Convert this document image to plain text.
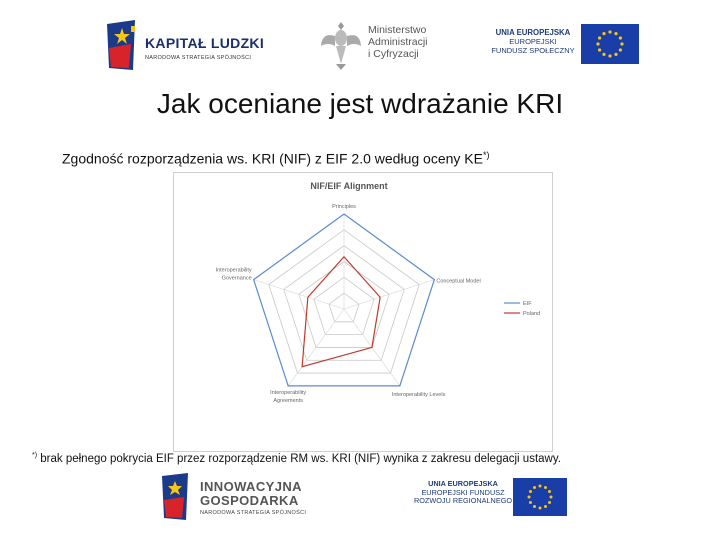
KAPITAŁ LUDZKI
NARODOWA STRATEGIA SPÓJNOŚCI
Ministerstwo
Administracji
i Cyfryzacji
UNIA EUROPEJSKA
EUROPEJSKI
FUNDUSZ SPOŁECZNY
Jak oceniane jest wdrażanie KRI
Zgodność rozporządzenia ws. KRI (NIF) z EIF 2.0 według oceny KE*)
NIF/EIF Alignment
Principles
Conceptual Model
Interoperability Levels
Interoperability
Agreements
Interoperability
Governance
EIF
Poland
*) brak pełnego pokrycia EIF przez rozporządzenie RM ws. KRI (NIF) wynika z zakresu delegacji ustawy.
INNOWACYJNA
GOSPODARKA
NARODOWA STRATEGIA SPÓJNOŚCI
UNIA EUROPEJSKA
EUROPEJSKI FUNDUSZ
ROZWOJU REGIONALNEGO
